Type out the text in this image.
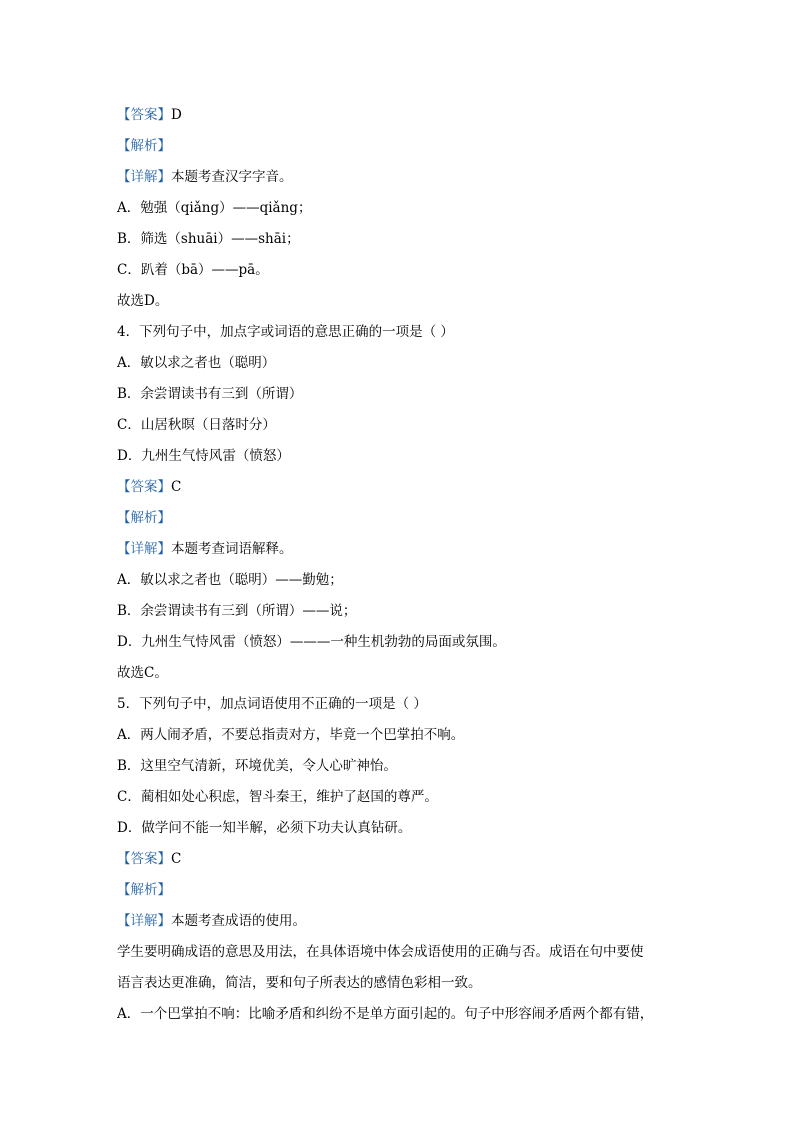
【答案】D
【解析】
【详解】本题考查汉字字音。
A．勉强（qiǎng）——qiǎng；
B．筛选（shuāi）——shāi；
C．趴着（bā）——pā。
故选D。
4．下列句子中，加点字或词语的意思正确的一项是（ ）
A．敏以求之者也（聪明）
B．余尝谓读书有三到（所谓）
C．山居秋暝（日落时分）
D．九州生气恃风雷（愤怒）
【答案】C
【解析】
【详解】本题考查词语解释。
A．敏以求之者也（聪明）——勤勉；
B．余尝谓读书有三到（所谓）——说；
D．九州生气恃风雷（愤怒）———一种生机勃勃的局面或氛围。
故选C。
5．下列句子中，加点词语使用不正确的一项是（ ）
A．两人闹矛盾，不要总指责对方，毕竟一个巴掌拍不响。
B．这里空气清新，环境优美，令人心旷神怡。
C．蔺相如处心积虑，智斗秦王，维护了赵国的尊严。
D．做学问不能一知半解，必须下功夫认真钻研。
【答案】C
【解析】
【详解】本题考查成语的使用。
学生要明确成语的意思及用法，在具体语境中体会成语使用的正确与否。成语在句中要使
语言表达更准确，简洁，要和句子所表达的感情色彩相一致。
A．一个巴掌拍不响：比喻矛盾和纠纷不是单方面引起的。句子中形容闹矛盾两个都有错，
